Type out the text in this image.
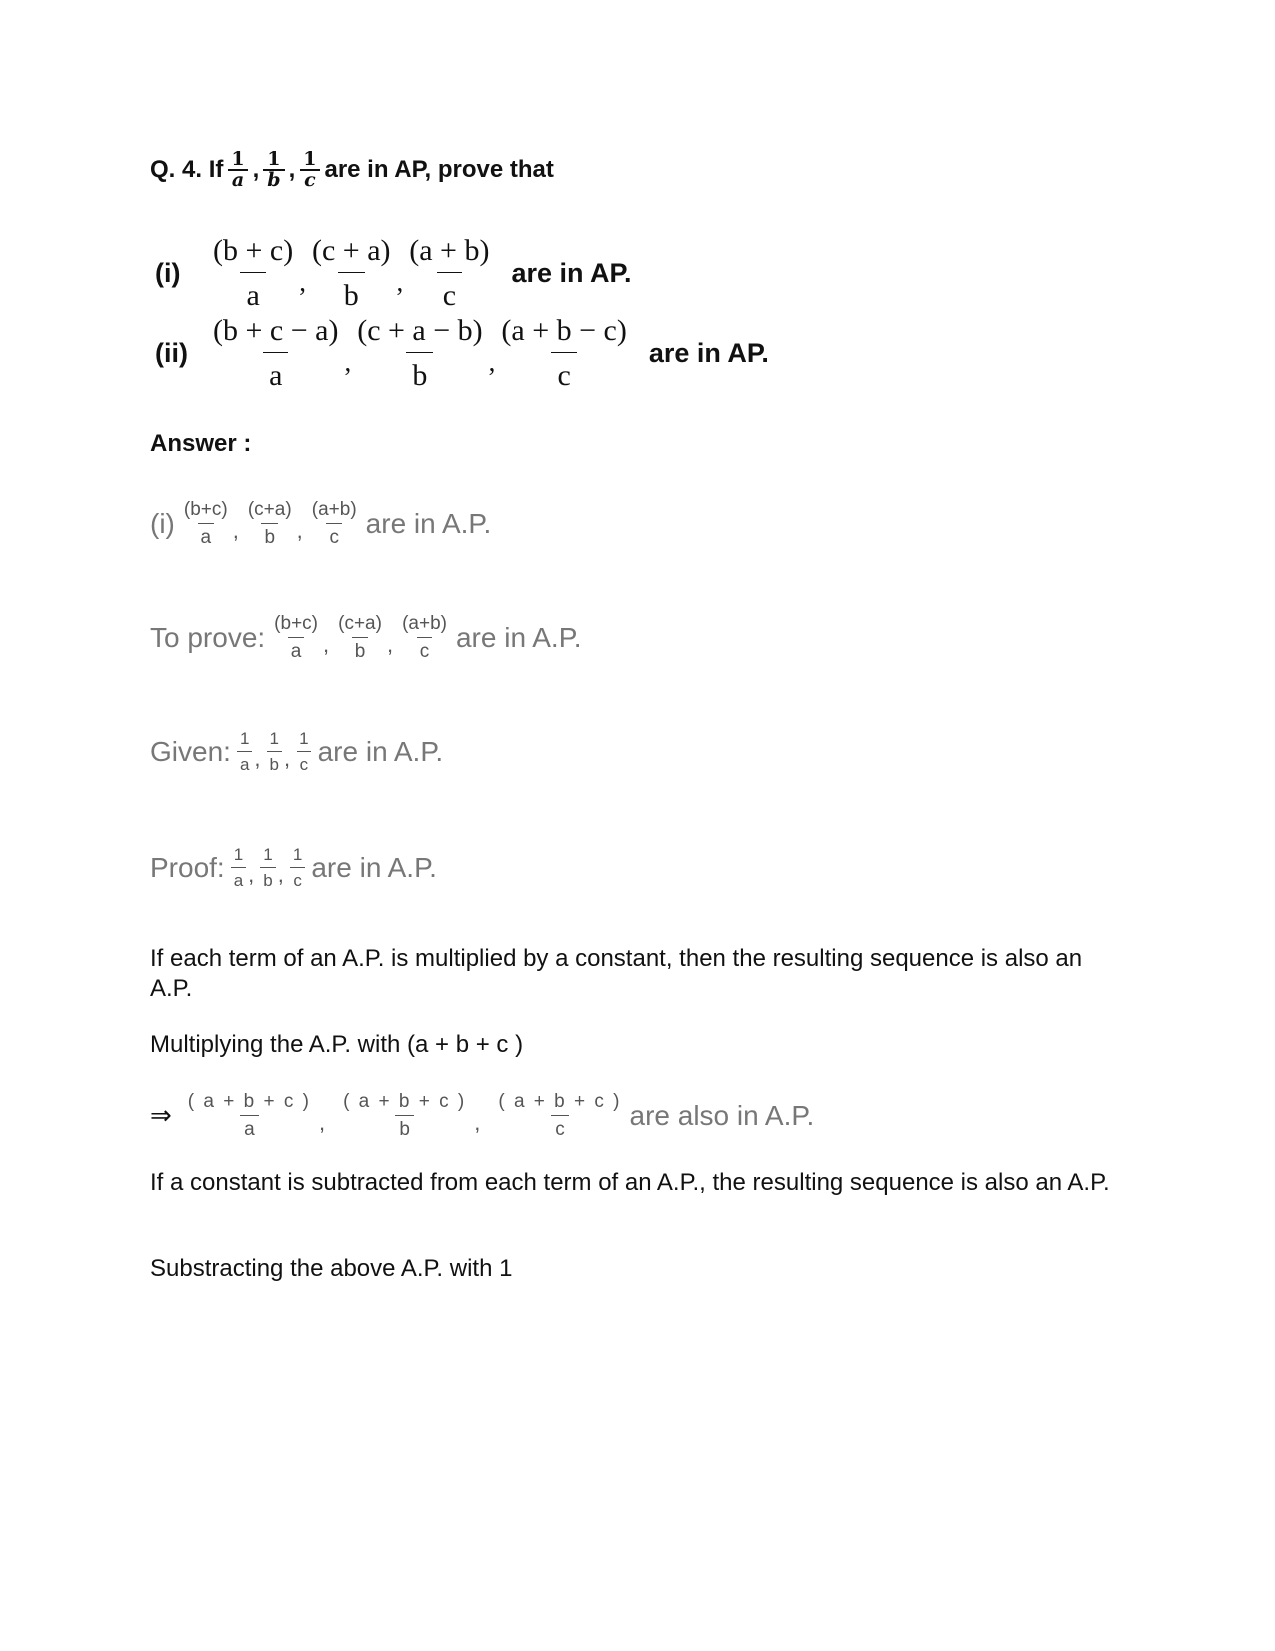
Q. 4. If $\frac{1}{a}$ , $\frac{1}{b}$ , $\frac{1}{c}$ are in AP, prove that
$(i) \frac{(b + c)}{a}$ , $\frac{(c + a)}{b}$ , $\frac{(a + b)}{c}$ are in AP.
$(ii) \frac{(b + c - a)}{a}$ , $\frac{(c + a - b)}{b}$ , $\frac{(a + b - c)}{c}$ are in AP.
Answer :
$(i) \frac{(b+c)}{a}$ , $\frac{(c+a)}{b}$ , $\frac{(a+b)}{c}$ are in A.P.
To prove: $\frac{(b+c)}{a}$ , $\frac{(c+a)}{b}$ , $\frac{(a+b)}{c}$ are in A.P.
Given: $\frac{1}{a}$ , $\frac{1}{b}$ , $\frac{1}{c}$ are in A.P.
Proof: $\frac{1}{a}$ , $\frac{1}{b}$ , $\frac{1}{c}$ are in A.P.
If each term of an A.P. is multiplied by a constant, then the resulting sequence is also an A.P.
Multiplying the A.P. with (a + b + c )
⇒ $\frac{( a + b + c )}{a}$ , $\frac{( a + b + c )}{b}$ , $\frac{( a + b + c )}{c}$ are also in A.P.
If a constant is subtracted from each term of an A.P., the resulting sequence is also an A.P.
Substracting the above A.P. with 1
